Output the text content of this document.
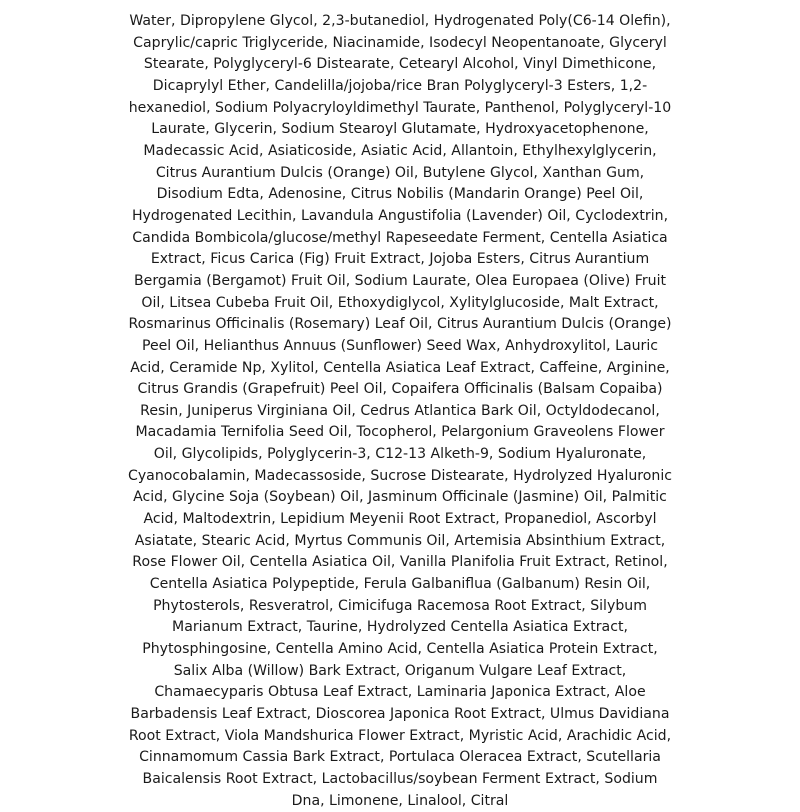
Water, Dipropylene Glycol, 2,3-butanediol, Hydrogenated Poly(C6-14 Olefin),
Caprylic/capric Triglyceride, Niacinamide, Isodecyl Neopentanoate, Glyceryl
Stearate, Polyglyceryl-6 Distearate, Cetearyl Alcohol, Vinyl Dimethicone,
Dicaprylyl Ether, Candelilla/jojoba/rice Bran Polyglyceryl-3 Esters, 1,2-
hexanediol, Sodium Polyacryloyldimethyl Taurate, Panthenol, Polyglyceryl-10
Laurate, Glycerin, Sodium Stearoyl Glutamate, Hydroxyacetophenone,
Madecassic Acid, Asiaticoside, Asiatic Acid, Allantoin, Ethylhexylglycerin,
Citrus Aurantium Dulcis (Orange) Oil, Butylene Glycol, Xanthan Gum,
Disodium Edta, Adenosine, Citrus Nobilis (Mandarin Orange) Peel Oil,
Hydrogenated Lecithin, Lavandula Angustifolia (Lavender) Oil, Cyclodextrin,
Candida Bombicola/glucose/methyl Rapeseedate Ferment, Centella Asiatica
Extract, Ficus Carica (Fig) Fruit Extract, Jojoba Esters, Citrus Aurantium
Bergamia (Bergamot) Fruit Oil, Sodium Laurate, Olea Europaea (Olive) Fruit
Oil, Litsea Cubeba Fruit Oil, Ethoxydiglycol, Xylitylglucoside, Malt Extract,
Rosmarinus Officinalis (Rosemary) Leaf Oil, Citrus Aurantium Dulcis (Orange)
Peel Oil, Helianthus Annuus (Sunflower) Seed Wax, Anhydroxylitol, Lauric
Acid, Ceramide Np, Xylitol, Centella Asiatica Leaf Extract, Caffeine, Arginine,
Citrus Grandis (Grapefruit) Peel Oil, Copaifera Officinalis (Balsam Copaiba)
Resin, Juniperus Virginiana Oil, Cedrus Atlantica Bark Oil, Octyldodecanol,
Macadamia Ternifolia Seed Oil, Tocopherol, Pelargonium Graveolens Flower
Oil, Glycolipids, Polyglycerin-3, C12-13 Alketh-9, Sodium Hyaluronate,
Cyanocobalamin, Madecassoside, Sucrose Distearate, Hydrolyzed Hyaluronic
Acid, Glycine Soja (Soybean) Oil, Jasminum Officinale (Jasmine) Oil, Palmitic
Acid, Maltodextrin, Lepidium Meyenii Root Extract, Propanediol, Ascorbyl
Asiatate, Stearic Acid, Myrtus Communis Oil, Artemisia Absinthium Extract,
Rose Flower Oil, Centella Asiatica Oil, Vanilla Planifolia Fruit Extract, Retinol,
Centella Asiatica Polypeptide, Ferula Galbaniflua (Galbanum) Resin Oil,
Phytosterols, Resveratrol, Cimicifuga Racemosa Root Extract, Silybum
Marianum Extract, Taurine, Hydrolyzed Centella Asiatica Extract,
Phytosphingosine, Centella Amino Acid, Centella Asiatica Protein Extract,
Salix Alba (Willow) Bark Extract, Origanum Vulgare Leaf Extract,
Chamaecyparis Obtusa Leaf Extract, Laminaria Japonica Extract, Aloe
Barbadensis Leaf Extract, Dioscorea Japonica Root Extract, Ulmus Davidiana
Root Extract, Viola Mandshurica Flower Extract, Myristic Acid, Arachidic Acid,
Cinnamomum Cassia Bark Extract, Portulaca Oleracea Extract, Scutellaria
Baicalensis Root Extract, Lactobacillus/soybean Ferment Extract, Sodium
Dna, Limonene, Linalool, Citral
